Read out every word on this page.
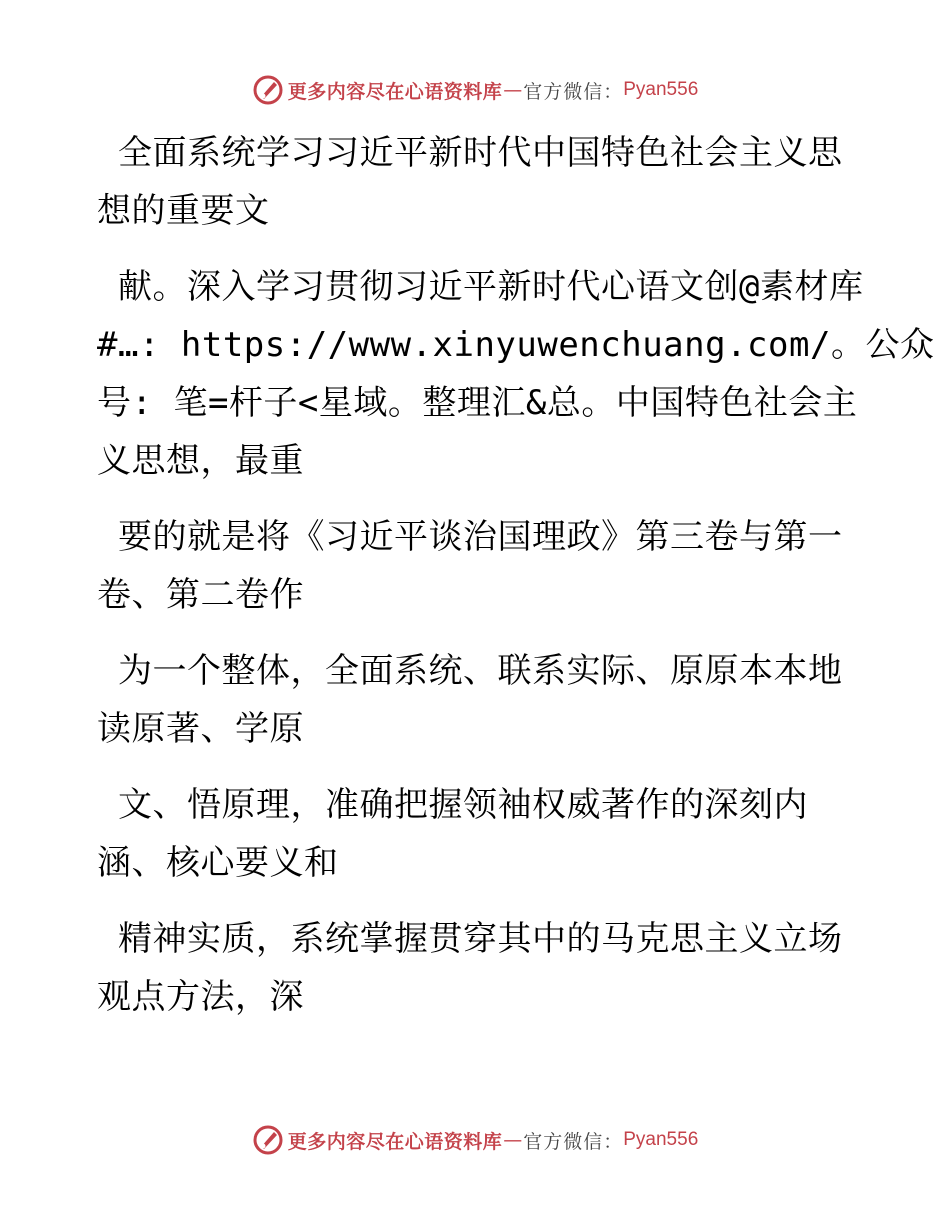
更多内容尽在心语资料库 — 官方微信： Pyan556
全面系统学习习近平新时代中国特色社会主义思
想的重要文
献。深入学习贯彻习近平新时代心语文创@素材库
#…: https://www.xinyuwenchuang.com/。公众
号: 笔=杆子<星域。整理汇&总。中国特色社会主
义思想，最重
要的就是将《习近平谈治国理政》第三卷与第一
卷、第二卷作
为一个整体，全面系统、联系实际、原原本本地
读原著、学原
文、悟原理，准确把握领袖权威著作的深刻内
涵、核心要义和
精神实质，系统掌握贯穿其中的马克思主义立场
观点方法，深
更多内容尽在心语资料库 — 官方微信： Pyan556
